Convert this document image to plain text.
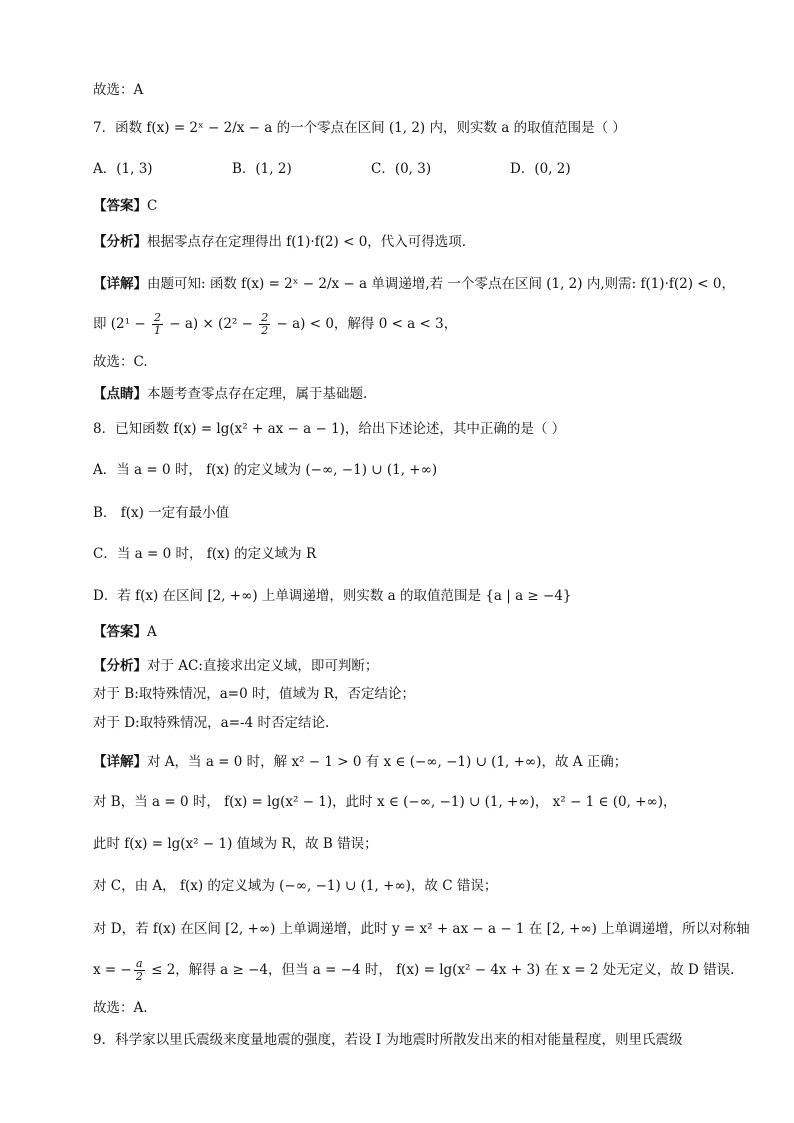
故选：A
7．函数 f(x) = 2ˣ − 2/x − a 的一个零点在区间 (1, 2) 内，则实数 a 的取值范围是（ ）
A．(1, 3)	B．(1, 2)	C．(0, 3)	D．(0, 2)
【答案】C
【分析】根据零点存在定理得出 f(1)·f(2) < 0，代入可得选项.
【详解】由题可知: 函数 f(x) = 2ˣ − 2/x − a 单调递增,若 一个零点在区间 (1, 2) 内,则需: f(1)·f(2) < 0，
即 $(2^1 - \frac{2}{1} - a) \times (2^2 - \frac{2}{2} - a) < 0$，解得 0 < a < 3，
故选：C.
【点睛】本题考查零点存在定理，属于基础题.
8．已知函数 f(x) = lg(x² + ax − a − 1)，给出下述论述，其中正确的是（ ）
A．当 a = 0 时， f(x) 的定义域为 (−∞, −1) ∪ (1, +∞)
B． f(x) 一定有最小值
C．当 a = 0 时， f(x) 的定义域为 R
D．若 f(x) 在区间 [2, +∞) 上单调递增，则实数 a 的取值范围是 {a | a ≥ −4}
【答案】A
【分析】对于 AC:直接求出定义域，即可判断；
对于 B:取特殊情况，a=0 时，值域为 R，否定结论；
对于 D:取特殊情况，a=-4 时否定结论.
【详解】对 A，当 a = 0 时，解 x² − 1 > 0 有 x ∈ (−∞, −1) ∪ (1, +∞)，故 A 正确；
对 B，当 a = 0 时， f(x) = lg(x² − 1)，此时 x ∈ (−∞, −1) ∪ (1, +∞)， x² − 1 ∈ (0, +∞)，
此时 f(x) = lg(x² − 1) 值域为 R，故 B 错误；
对 C，由 A， f(x) 的定义域为 (−∞, −1) ∪ (1, +∞)，故 C 错误；
对 D，若 f(x) 在区间 [2, +∞) 上单调递增，此时 y = x² + ax − a − 1 在 [2, +∞) 上单调递增，所以对称轴
x = − $\frac{a}{2} \le 2$，解得 a ≥ −4，但当 a = −4 时， f(x) = lg(x² − 4x + 3) 在 x = 2 处无定义，故 D 错误.
故选：A.
9．科学家以里氏震级来度量地震的强度，若设 I 为地震时所散发出来的相对能量程度，则里氏震级
